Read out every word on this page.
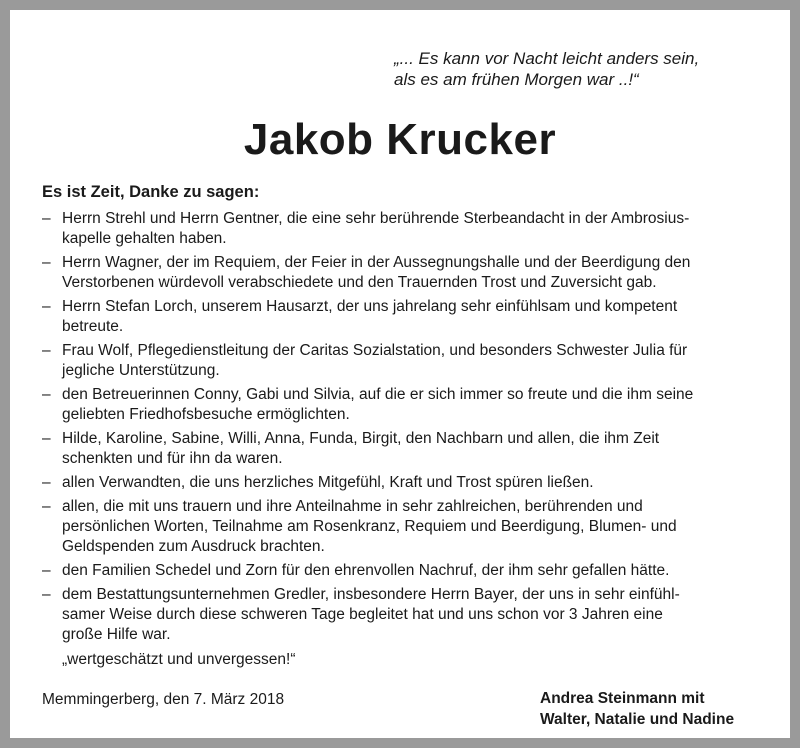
„... Es kann vor Nacht leicht anders sein,
als es am frühen Morgen war ..!“
Jakob Krucker
Es ist Zeit, Danke zu sagen:
– Herrn Strehl und Herrn Gentner, die eine sehr berührende Sterbeandacht in der Ambrosius-
kapelle gehalten haben.
– Herrn Wagner, der im Requiem, der Feier in der Aussegnungshalle und der Beerdigung den
Verstorbenen würdevoll verabschiedete und den Trauernden Trost und Zuversicht gab.
– Herrn Stefan Lorch, unserem Hausarzt, der uns jahrelang sehr einfühlsam und kompetent
betreute.
– Frau Wolf, Pflegedienstleitung der Caritas Sozialstation, und besonders Schwester Julia für
jegliche Unterstützung.
– den Betreuerinnen Conny, Gabi und Silvia, auf die er sich immer so freute und die ihm seine
geliebten Friedhofsbesuche ermöglichten.
– Hilde, Karoline, Sabine, Willi, Anna, Funda, Birgit, den Nachbarn und allen, die ihm Zeit
schenkten und für ihn da waren.
– allen Verwandten, die uns herzliches Mitgefühl, Kraft und Trost spüren ließen.
– allen, die mit uns trauern und ihre Anteilnahme in sehr zahlreichen, berührenden und
persönlichen Worten, Teilnahme am Rosenkranz, Requiem und Beerdigung, Blumen- und
Geldspenden zum Ausdruck brachten.
– den Familien Schedel und Zorn für den ehrenvollen Nachruf, der ihm sehr gefallen hätte.
– dem Bestattungsunternehmen Gredler, insbesondere Herrn Bayer, der uns in sehr einfühl-
samer Weise durch diese schweren Tage begleitet hat und uns schon vor 3 Jahren eine
große Hilfe war.
„wertgeschätzt und unvergessen!“
Memmingerberg, den 7. März 2018	Andrea Steinmann mit
Walter, Natalie und Nadine
